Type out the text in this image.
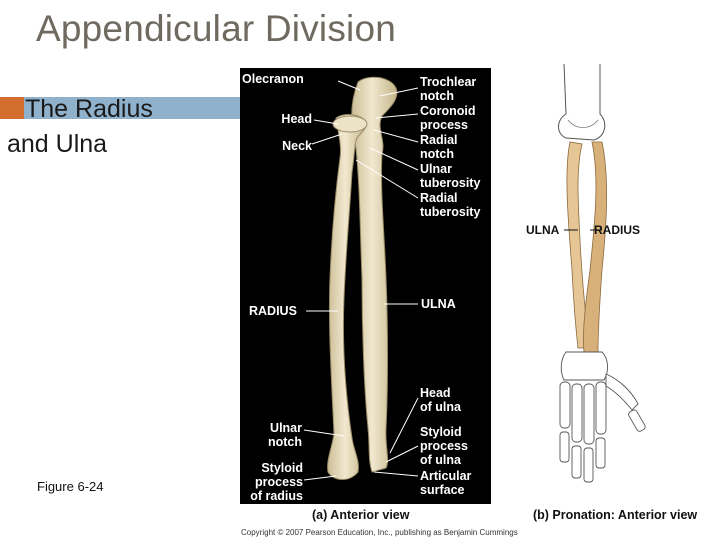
Appendicular Division
The Radius
and Ulna
Figure 6-24
Olecranon
Head
Neck
Trochlear
notch
Coronoid
process
Radial
notch
Ulnar
tuberosity
Radial
tuberosity
RADIUS	ULNA
Head
of ulna
Ulnar
notch
Styloid
process
of ulna
Styloid
process
of radius
Articular
surface
(a) Anterior view
ULNA	RADIUS
(b) Pronation: Anterior view
Copyright © 2007 Pearson Education, Inc., publishing as Benjamin Cummings
